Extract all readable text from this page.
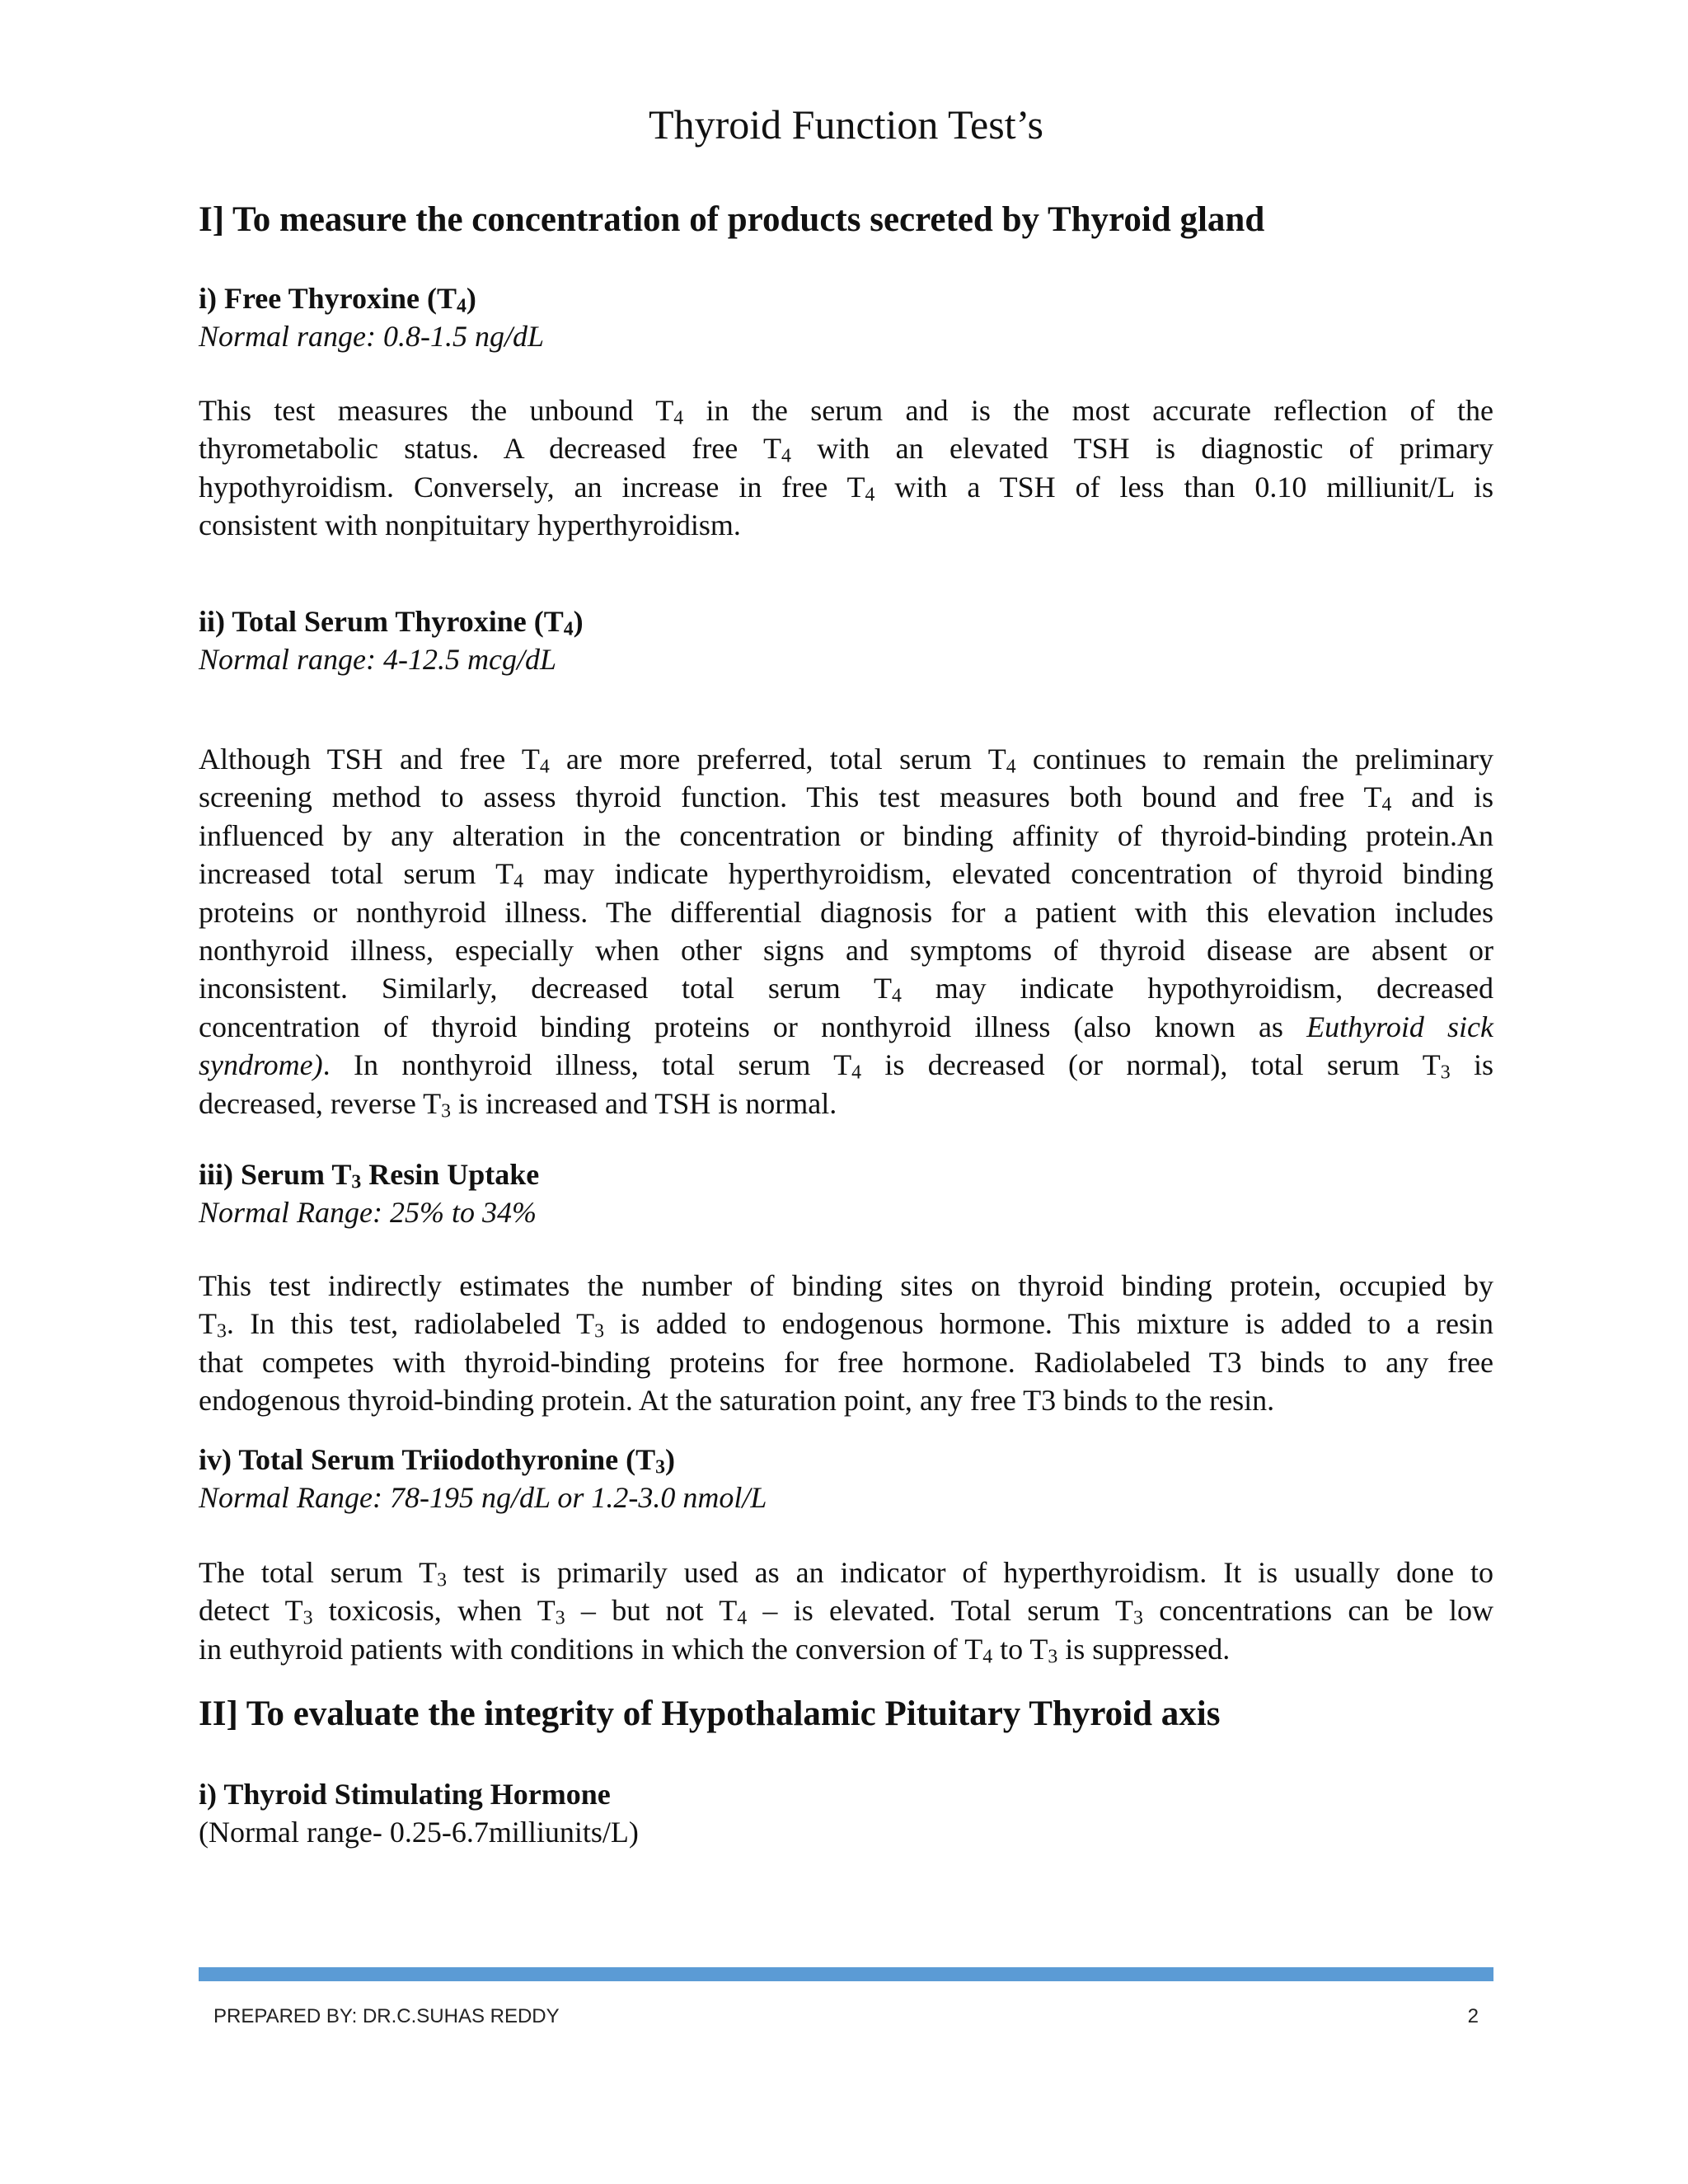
Thyroid Function Test’s
I] To measure the concentration of products secreted by Thyroid gland
i) Free Thyroxine $(T_4)$
Normal range: 0.8-1.5 ng/dL
This test measures the unbound $T_4$ in the serum and is the most accurate reflection of the
thyrometabolic status. A decreased free $T_4$ with an elevated TSH is diagnostic of primary
hypothyroidism. Conversely, an increase in free $T_4$ with a TSH of less than 0.10 milliunit/L is
consistent with nonpituitary hyperthyroidism.
ii) Total Serum Thyroxine $(T_4)$
Normal range: 4-12.5 mcg/dL
Although TSH and free $T_4$ are more preferred, total serum $T_4$ continues to remain the preliminary
screening method to assess thyroid function. This test measures both bound and free $T_4$ and is
influenced by any alteration in the concentration or binding affinity of thyroid-binding protein.An
increased total serum $T_4$ may indicate hyperthyroidism, elevated concentration of thyroid binding
proteins or nonthyroid illness. The differential diagnosis for a patient with this elevation includes
nonthyroid illness, especially when other signs and symptoms of thyroid disease are absent or
inconsistent. Similarly, decreased total serum $T_4$ may indicate hypothyroidism, decreased
concentration of thyroid binding proteins or nonthyroid illness (also known as Euthyroid sick
syndrome). In nonthyroid illness, total serum $T_4$ is decreased (or normal), total serum $T_3$ is
decreased, reverse $T_3$ is increased and TSH is normal.
iii) Serum $T_3$ Resin Uptake
Normal Range: 25% to 34%
This test indirectly estimates the number of binding sites on thyroid binding protein, occupied by
$T_3$. In this test, radiolabeled $T_3$ is added to endogenous hormone. This mixture is added to a resin
that competes with thyroid-binding proteins for free hormone. Radiolabeled T3 binds to any free
endogenous thyroid-binding protein. At the saturation point, any free T3 binds to the resin.
iv) Total Serum Triiodothyronine $(T_3)$
Normal Range: 78-195 ng/dL or 1.2-3.0 nmol/L
The total serum $T_3$ test is primarily used as an indicator of hyperthyroidism. It is usually done to
detect $T_3$ toxicosis, when $T_3$ – but not $T_4$ – is elevated. Total serum $T_3$ concentrations can be low
in euthyroid patients with conditions in which the conversion of $T_4$ to $T_3$ is suppressed.
II] To evaluate the integrity of Hypothalamic Pituitary Thyroid axis
i) Thyroid Stimulating Hormone
(Normal range- 0.25-6.7milliunits/L)
PREPARED BY: DR.C.SUHAS REDDY	2
